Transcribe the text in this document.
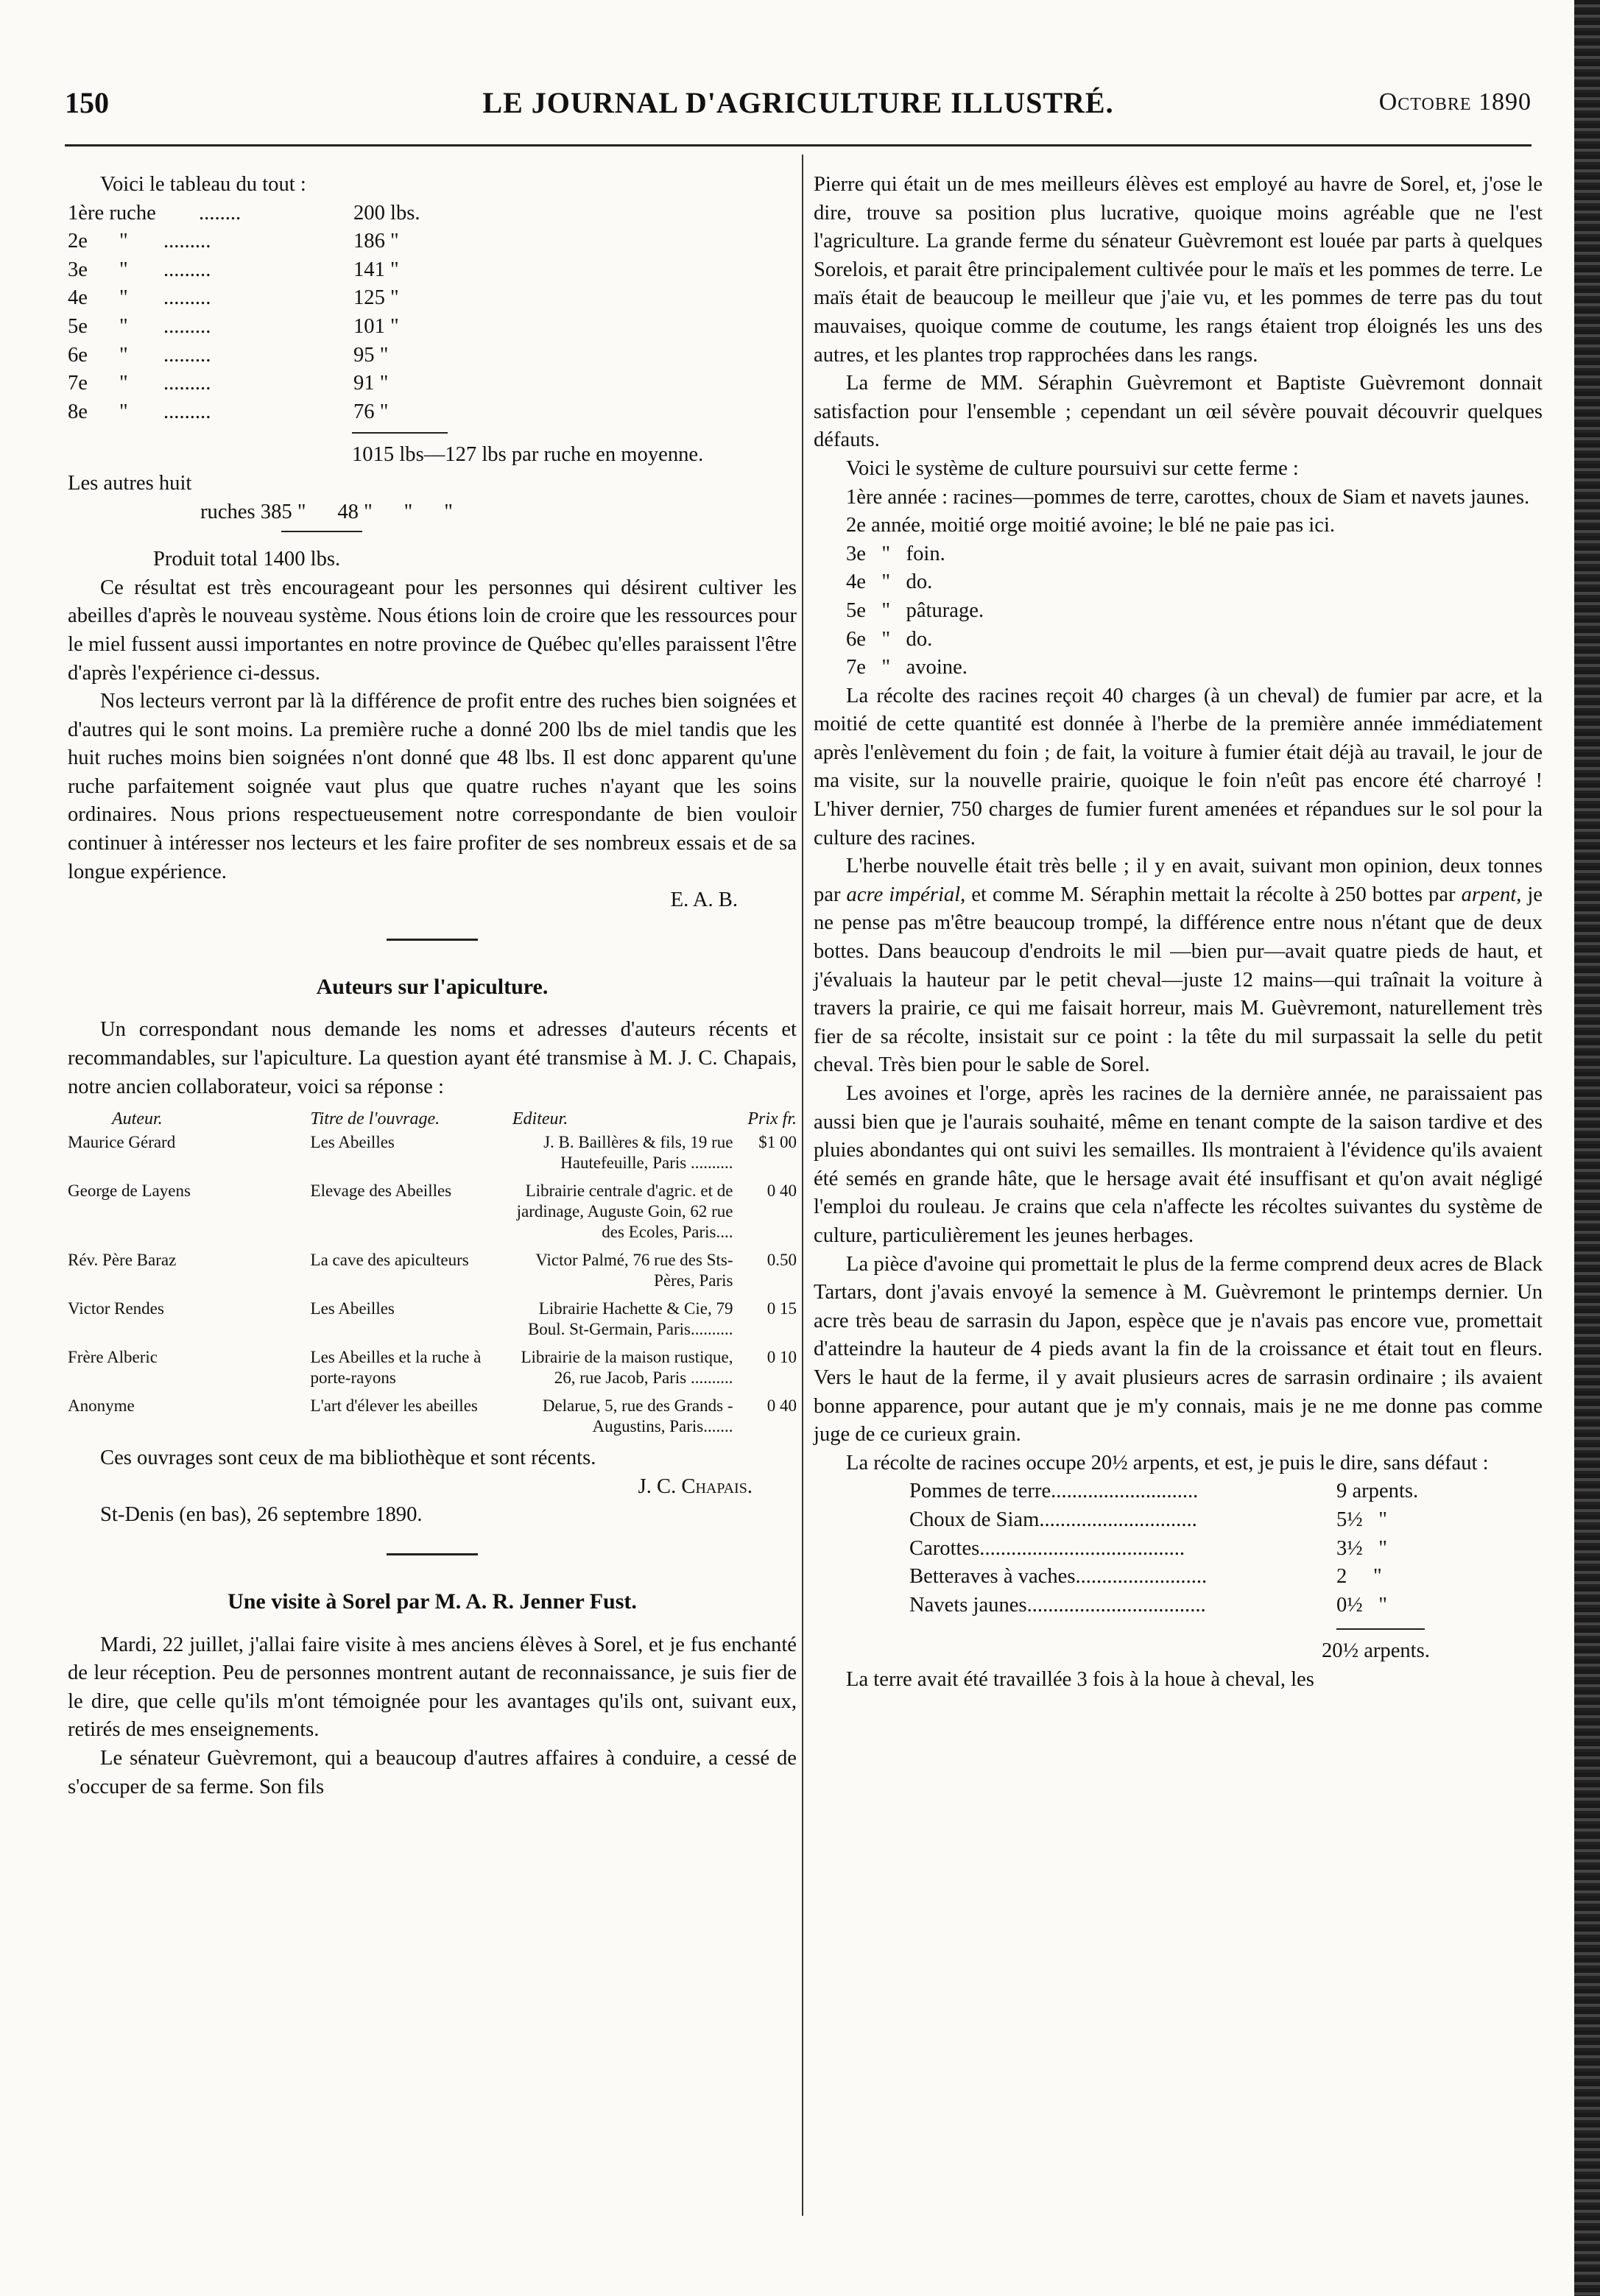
150	LE JOURNAL D'AGRICULTURE ILLUSTRÉ.	Octobre 1890

Voici le tableau du tout :

1ère ruche	........	200 lbs.
2e	"	.........	186 "
3e	"	.........	141 "
4e	"	.........	125 "
5e	"	.........	101 "
6e	"	.........	95 "
7e	"	.........	91 "
8e	"	.........	76 "

1015 lbs—127 lbs par ruche en moyenne.

Les autres huit

ruches 385 "      48 "      "      "

Produit total 1400 lbs.

Ce résultat est très encourageant pour les personnes qui désirent cultiver les abeilles d'après le nouveau système. Nous étions loin de croire que les ressources pour le miel fussent aussi importantes en notre province de Québec qu'elles paraissent l'être d'après l'expérience ci-dessus.

Nos lecteurs verront par là la différence de profit entre des ruches bien soignées et d'autres qui le sont moins. La première ruche a donné 200 lbs de miel tandis que les huit ruches moins bien soignées n'ont donné que 48 lbs. Il est donc apparent qu'une ruche parfaitement soignée vaut plus que quatre ruches n'ayant que les soins ordinaires. Nous prions respectueusement notre correspondante de bien vouloir continuer à intéresser nos lecteurs et les faire profiter de ses nombreux essais et de sa longue expérience.

E. A. B.

Auteurs sur l'apiculture.

Un correspondant nous demande les noms et adresses d'auteurs récents et recommandables, sur l'apiculture. La question ayant été transmise à M. J. C. Chapais, notre ancien collaborateur, voici sa réponse :

Auteur.	Titre de l'ouvrage.	Editeur.	Prix fr.
Maurice Gérard	Les Abeilles	J. B. Baillères & fils, 19 rue Hautefeuille, Paris ..........	$1 00
George de Layens	Elevage des Abeilles	Librairie centrale d'agric. et de jardinage, Auguste Goin, 62 rue des Ecoles, Paris....	0 40
Rév. Père Baraz	La cave des apiculteurs	Victor Palmé, 76 rue des Sts-Pères, Paris	0.50
Victor Rendes	Les Abeilles	Librairie Hachette & Cie, 79 Boul. St-Germain, Paris..........	0 15
Frère Alberic	Les Abeilles et la ruche à porte-rayons	Librairie de la maison rustique, 26, rue Jacob, Paris ..........	0 10
Anonyme	L'art d'élever les abeilles	Delarue, 5, rue des Grands - Augustins, Paris.......	0 40

Ces ouvrages sont ceux de ma bibliothèque et sont récents.

J. C. Chapais.

St-Denis (en bas), 26 septembre 1890.

Une visite à Sorel par M. A. R. Jenner Fust.

Mardi, 22 juillet, j'allai faire visite à mes anciens élèves à Sorel, et je fus enchanté de leur réception. Peu de personnes montrent autant de reconnaissance, je suis fier de le dire, que celle qu'ils m'ont témoignée pour les avantages qu'ils ont, suivant eux, retirés de mes enseignements.

Le sénateur Guèvremont, qui a beaucoup d'autres affaires à conduire, a cessé de s'occuper de sa ferme. Son fils

Pierre qui était un de mes meilleurs élèves est employé au havre de Sorel, et, j'ose le dire, trouve sa position plus lucrative, quoique moins agréable que ne l'est l'agriculture. La grande ferme du sénateur Guèvremont est louée par parts à quelques Sorelois, et parait être principalement cultivée pour le maïs et les pommes de terre. Le maïs était de beaucoup le meilleur que j'aie vu, et les pommes de terre pas du tout mauvaises, quoique comme de coutume, les rangs étaient trop éloignés les uns des autres, et les plantes trop rapprochées dans les rangs.

La ferme de MM. Séraphin Guèvremont et Baptiste Guèvremont donnait satisfaction pour l'ensemble ; cependant un œil sévère pouvait découvrir quelques défauts.

Voici le système de culture poursuivi sur cette ferme :

1ère année : racines—pommes de terre, carottes, choux de Siam et navets jaunes.

2e année, moitié orge moitié avoine; le blé ne paie pas ici.

3e   "   foin.

4e   "   do.

5e   "   pâturage.

6e   "   do.

7e   "   avoine.

La récolte des racines reçoit 40 charges (à un cheval) de fumier par acre, et la moitié de cette quantité est donnée à l'herbe de la première année immédiatement après l'enlèvement du foin ; de fait, la voiture à fumier était déjà au travail, le jour de ma visite, sur la nouvelle prairie, quoique le foin n'eût pas encore été charroyé ! L'hiver dernier, 750 charges de fumier furent amenées et répandues sur le sol pour la culture des racines.

L'herbe nouvelle était très belle ; il y en avait, suivant mon opinion, deux tonnes par acre impérial, et comme M. Séraphin mettait la récolte à 250 bottes par arpent, je ne pense pas m'être beaucoup trompé, la différence entre nous n'étant que de deux bottes. Dans beaucoup d'endroits le mil —bien pur—avait quatre pieds de haut, et j'évaluais la hauteur par le petit cheval—juste 12 mains—qui traînait la voiture à travers la prairie, ce qui me faisait horreur, mais M. Guèvremont, naturellement très fier de sa récolte, insistait sur ce point : la tête du mil surpassait la selle du petit cheval. Très bien pour le sable de Sorel.

Les avoines et l'orge, après les racines de la dernière année, ne paraissaient pas aussi bien que je l'aurais souhaité, même en tenant compte de la saison tardive et des pluies abondantes qui ont suivi les semailles. Ils montraient à l'évidence qu'ils avaient été semés en grande hâte, que le hersage avait été insuffisant et qu'on avait négligé l'emploi du rouleau. Je crains que cela n'affecte les récoltes suivantes du système de culture, particulièrement les jeunes herbages.

La pièce d'avoine qui promettait le plus de la ferme comprend deux acres de Black Tartars, dont j'avais envoyé la semence à M. Guèvremont le printemps dernier. Un acre très beau de sarrasin du Japon, espèce que je n'avais pas encore vue, promettait d'atteindre la hauteur de 4 pieds avant la fin de la croissance et était tout en fleurs. Vers le haut de la ferme, il y avait plusieurs acres de sarrasin ordinaire ; ils avaient bonne apparence, pour autant que je m'y connais, mais je ne me donne pas comme juge de ce curieux grain.

La récolte de racines occupe 20½ arpents, et est, je puis le dire, sans défaut :

Pommes de terre............................	9 arpents.
Choux de Siam..............................	5½   "
Carottes.......................................	3½   "
Betteraves à vaches.........................	2     "
Navets jaunes..................................	0½   "

20½ arpents.

La terre avait été travaillée 3 fois à la houe à cheval, les
